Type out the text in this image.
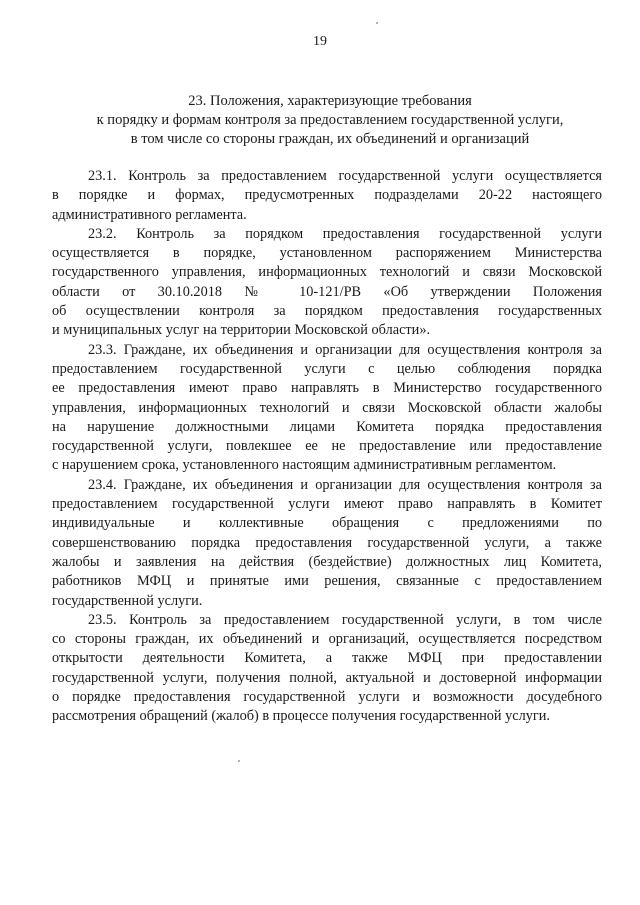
19
23. Положения, характеризующие требования
к порядку и формам контроля за предоставлением государственной услуги,
в том числе со стороны граждан, их объединений и организаций
23.1. Контроль за предоставлением государственной услуги осуществляется
в порядке и формах, предусмотренных подразделами 20-22 настоящего
административного регламента.
23.2. Контроль за порядком предоставления государственной услуги
осуществляется в порядке, установленном распоряжением Министерства
государственного управления, информационных технологий и связи Московской
области от 30.10.2018 № 10-121/РВ «Об утверждении Положения
об осуществлении контроля за порядком предоставления государственных
и муниципальных услуг на территории Московской области».
23.3. Граждане, их объединения и организации для осуществления контроля за
предоставлением государственной услуги с целью соблюдения порядка
ее предоставления имеют право направлять в Министерство государственного
управления, информационных технологий и связи Московской области жалобы
на нарушение должностными лицами Комитета порядка предоставления
государственной услуги, повлекшее ее не предоставление или предоставление
с нарушением срока, установленного настоящим административным регламентом.
23.4. Граждане, их объединения и организации для осуществления контроля за
предоставлением государственной услуги имеют право направлять в Комитет
индивидуальные и коллективные обращения с предложениями по
совершенствованию порядка предоставления государственной услуги, а также
жалобы и заявления на действия (бездействие) должностных лиц Комитета,
работников МФЦ и принятые ими решения, связанные с предоставлением
государственной услуги.
23.5. Контроль за предоставлением государственной услуги, в том числе
со стороны граждан, их объединений и организаций, осуществляется посредством
открытости деятельности Комитета, а также МФЦ при предоставлении
государственной услуги, получения полной, актуальной и достоверной информации
о порядке предоставления государственной услуги и возможности досудебного
рассмотрения обращений (жалоб) в процессе получения государственной услуги.
